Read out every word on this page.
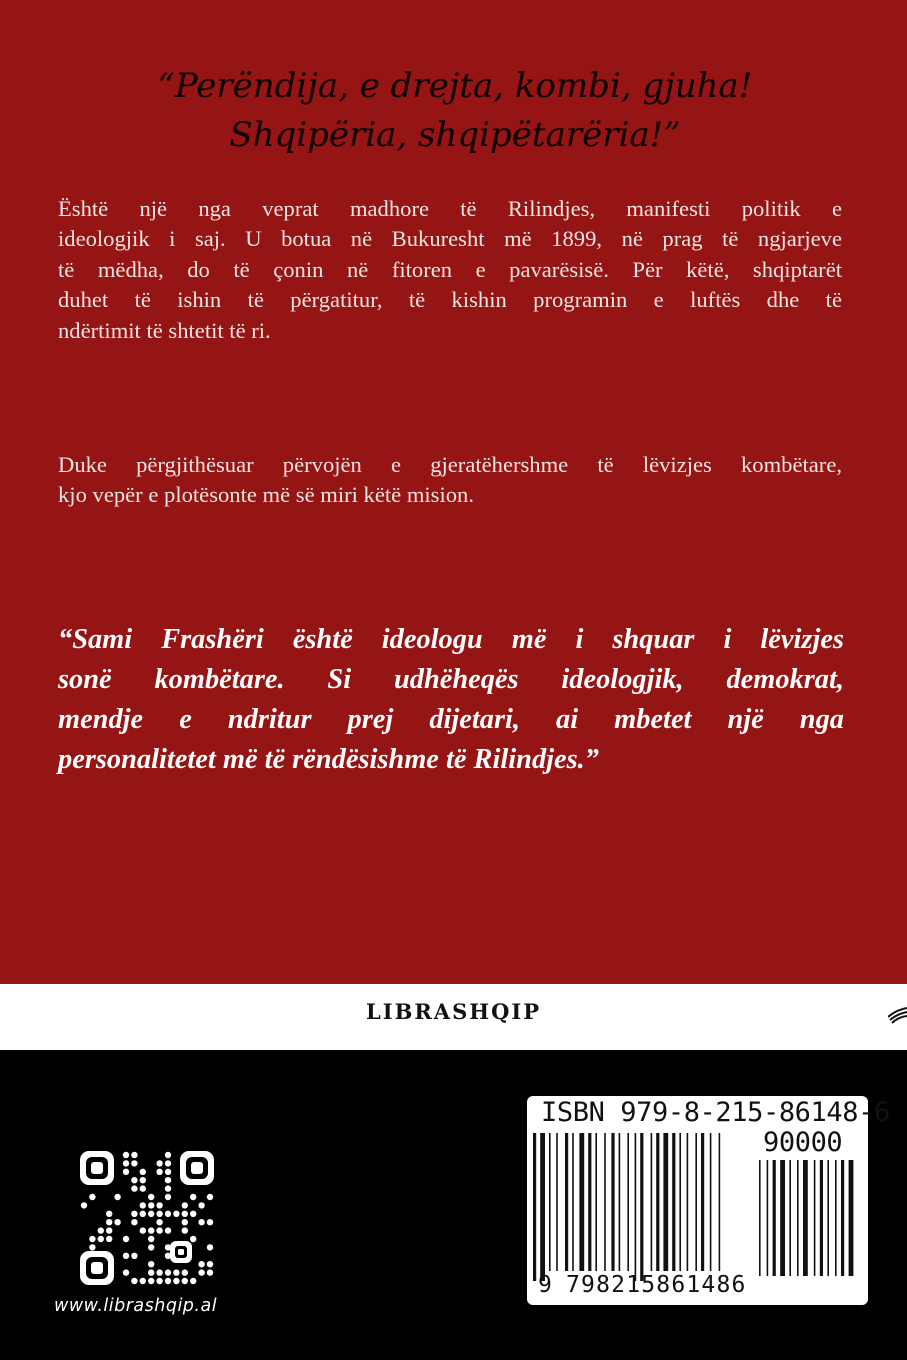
“Perëndija, e drejta, kombi, gjuha!
Shqipëria, shqipëtarëria!”
Është një nga veprat madhore të Rilindjes, manifesti politik e
ideologjik i saj. U botua në Bukuresht më 1899, në prag të ngjarjeve
të mëdha, do të çonin në fitoren e pavarësisë. Për këtë, shqiptarët
duhet të ishin të përgatitur, të kishin programin e luftës dhe të
ndërtimit të shtetit të ri.
Duke përgjithësuar përvojën e gjeratëhershme të lëvizjes kombëtare,
kjo vepër e plotësonte më së miri këtë mision.
“Sami Frashëri është ideologu më i shquar i lëvizjes
sonë kombëtare. Si udhëheqës ideologjik, demokrat,
mendje e ndritur prej dijetari, ai mbetet një nga
personalitetet më të rëndësishme të Rilindjes.”
LIBRASHQIP
www.librashqip.al
ISBN 979-8-215-86148-6
90000
9 798215861486
